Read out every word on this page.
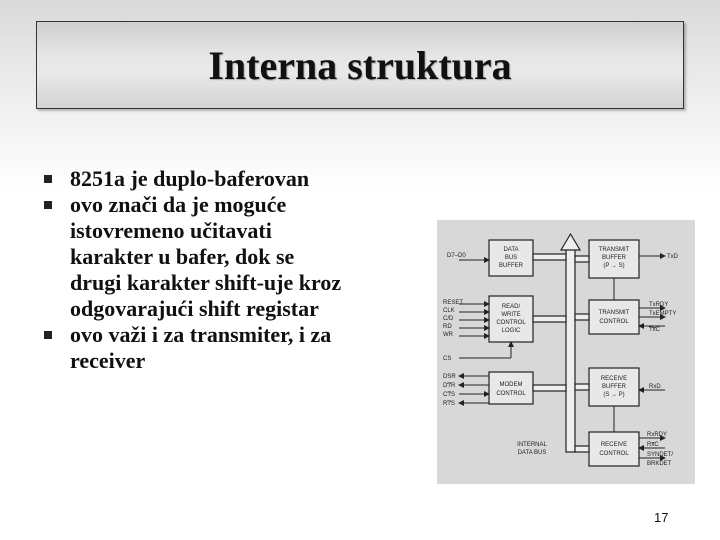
Interna struktura
8251a je duplo-baferovan
ovo znači da je moguće istovremeno učitavati karakter u bafer, dok se drugi karakter shift-uje kroz odgovarajući shift registar
ovo važi i za transmiter, i za receiver
DATA
BUS
BUFFER
READ/
WRITE
CONTROL
LOGIC
MODEM
CONTROL
TRANSMIT
BUFFER
(P → S)
TRANSMIT
CONTROL
RECEIVE
BUFFER
(S → P)
RECEIVE
CONTROL
D7–D0
RESET
CLK
C/D
RD
WR
CS
DSR
DTR
CTS
RTS
TxD
TxRDY
TxEMPTY
TxC
RxD
RxRDY
RxC
SYNDET/
BRKDET
INTERNAL
DATA BUS
17
